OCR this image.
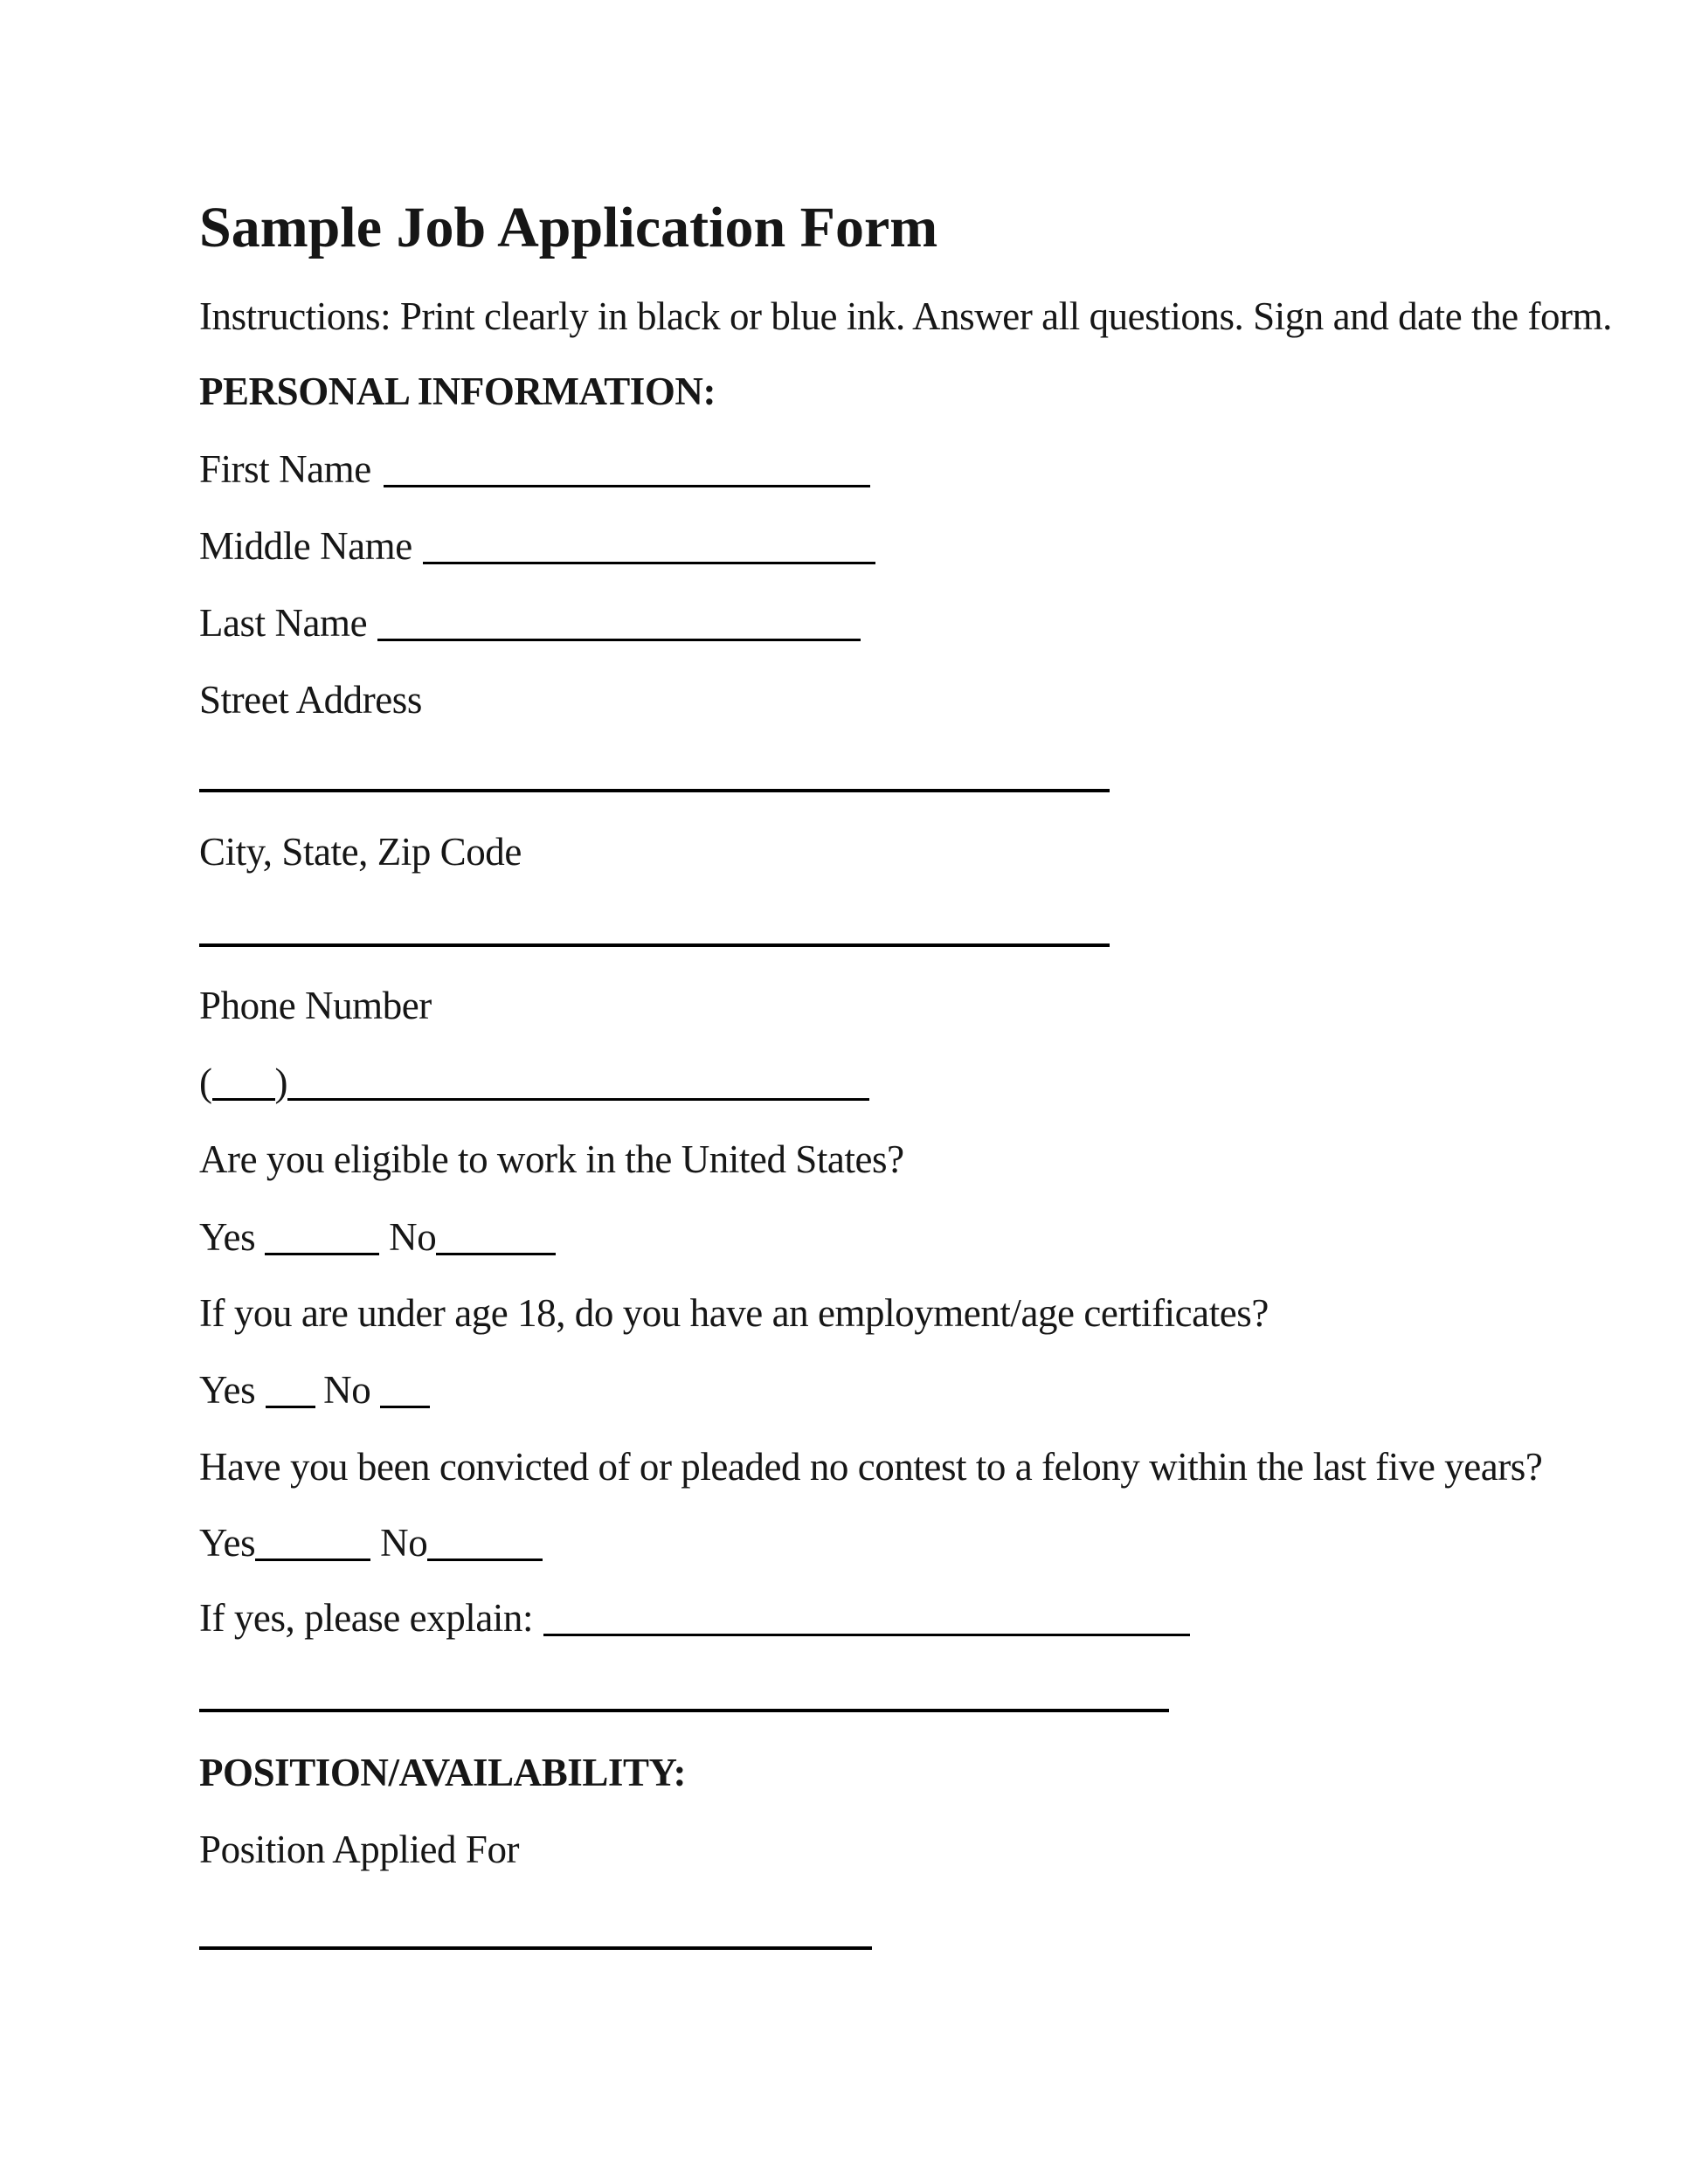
Sample Job Application Form
Instructions: Print clearly in black or blue ink. Answer all questions. Sign and date the form.
PERSONAL INFORMATION:
First Name
Middle Name
Last Name
Street Address
City, State, Zip Code
Phone Number
( )
Are you eligible to work in the United States?
Yes	No
If you are under age 18, do you have an employment/age certificates?
Yes No
Have you been convicted of or pleaded no contest to a felony within the last five years?
Yes	No
If yes, please explain:
POSITION/AVAILABILITY:
Position Applied For
